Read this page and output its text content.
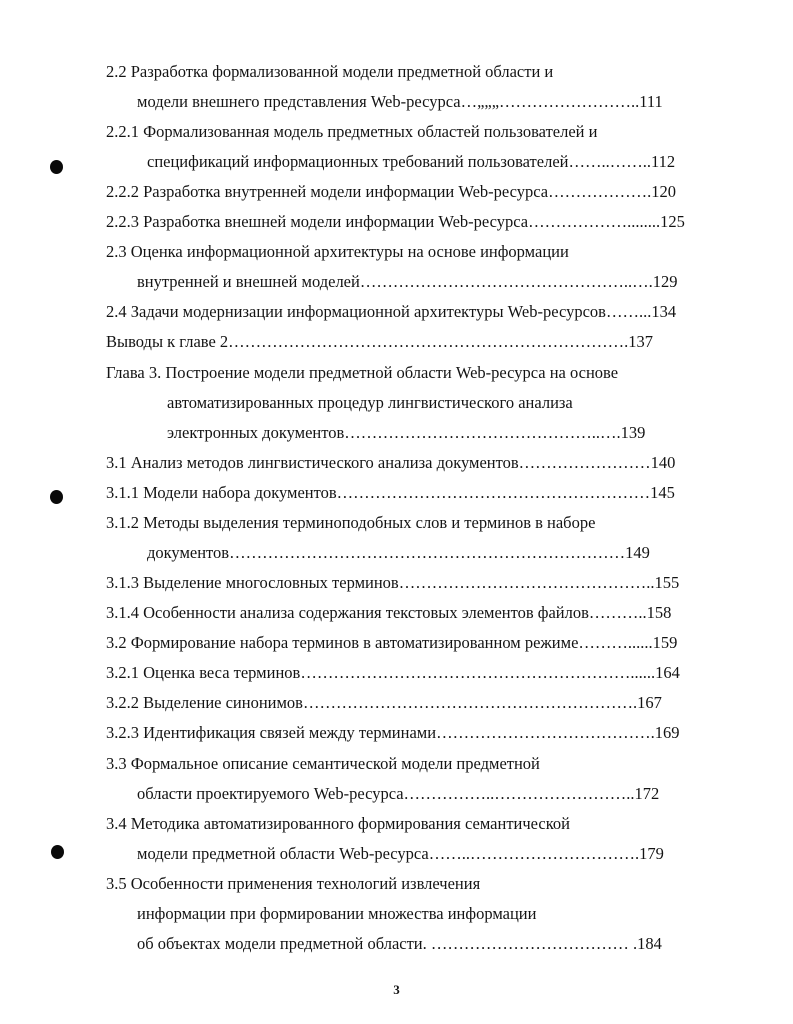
2.2 Разработка формализованной модели предметной области и
модели внешнего представления Web-ресурса…„„„……………………..111
2.2.1 Формализованная модель предметных областей пользователей и
спецификаций информационных требований пользователей……..……..112
2.2.2 Разработка внутренней модели информации Web-ресурса……………….120
2.2.3 Разработка внешней модели информации Web-ресурса………………........125
2.3 Оценка информационной архитектуры на основе информации
внутренней и внешней моделей…………………………………………..….129
2.4 Задачи модернизации информационной архитектуры Web-ресурсов……...134
Выводы к главе 2……………………………………………………………….137
Глава 3. Построение модели предметной области Web-ресурса на основе
автоматизированных процедур лингвистического анализа
электронных документов………………………………………..….139
3.1 Анализ методов лингвистического анализа документов……………………140
3.1.1 Модели набора документов…………………………………………………145
3.1.2 Методы выделения терминоподобных слов и терминов в наборе
документов………………………………………………………………149
3.1.3 Выделение многословных терминов………………………………………..155
3.1.4 Особенности анализа содержания текстовых элементов файлов………..158
3.2 Формирование набора терминов в автоматизированном режиме………......159
3.2.1 Оценка веса терминов……………………………………………………......164
3.2.2 Выделение синонимов…………………………………………………….167
3.2.3 Идентификация связей между терминами………………………………….169
3.3 Формальное описание семантической модели предметной
области проектируемого Web-ресурса……………..……………………..172
3.4 Методика автоматизированного формирования семантической
модели предметной области Web-ресурса……..………………………….179
3.5 Особенности применения технологий извлечения
информации при формировании множества информации
об объектах модели предметной области. ……………………………… .184
3
